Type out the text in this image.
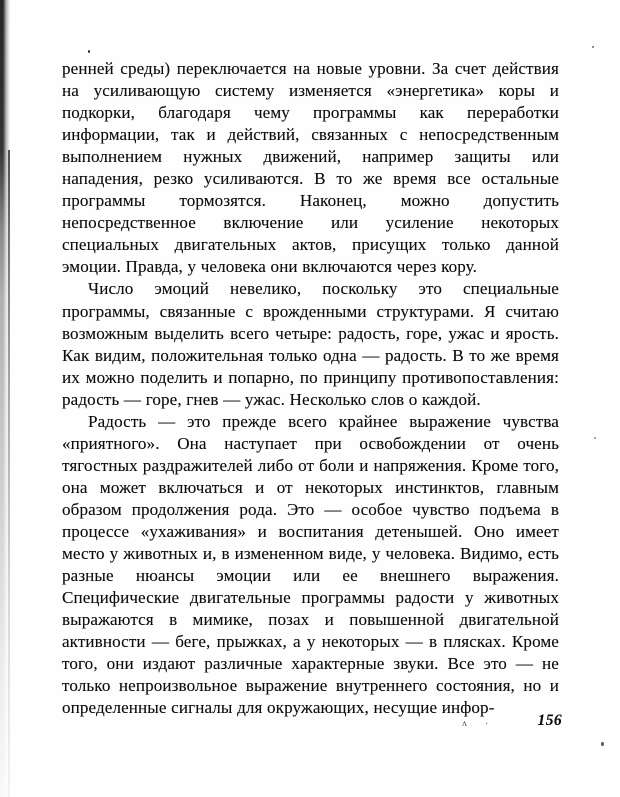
ренней среды) переключается на новые уровни. За счет действия на усиливающую систему изменяется «энергетика» коры и подкорки, благодаря чему программы как переработки информации, так и действий, связанных с непосредственным выполнением нужных движений, например защиты или нападения, резко усиливаются. В то же время все остальные программы тормозятся. Наконец, можно допустить непосредственное включение или усиление некоторых специальных двигательных актов, присущих только данной эмоции. Правда, у человека они включаются через кору.

Число эмоций невелико, поскольку это специальные программы, связанные с врожденными структурами. Я считаю возможным выделить всего четыре: радость, горе, ужас и ярость. Как видим, положительная только одна — радость. В то же время их можно поделить и попарно, по принципу противопоставления: радость — горе, гнев — ужас. Несколько слов о каждой.

Радость — это прежде всего крайнее выражение чувства «приятного». Она наступает при освобождении от очень тягостных раздражителей либо от боли и напряжения. Кроме того, она может включаться и от некоторых инстинктов, главным образом продолжения рода. Это — особое чувство подъема в процессе «ухаживания» и воспитания детенышей. Оно имеет место у животных и, в измененном виде, у человека. Видимо, есть разные нюансы эмоции или ее внешнего выражения. Специфические двигательные программы радости у животных выражаются в мимике, позах и повышенной двигательной активности — беге, прыжках, а у некоторых — в плясках. Кроме того, они издают различные характерные звуки. Все это — не только непроизвольное выражение внутреннего состояния, но и определенные сигналы для окружающих, несущие инфор-

ᴧ ·	156
